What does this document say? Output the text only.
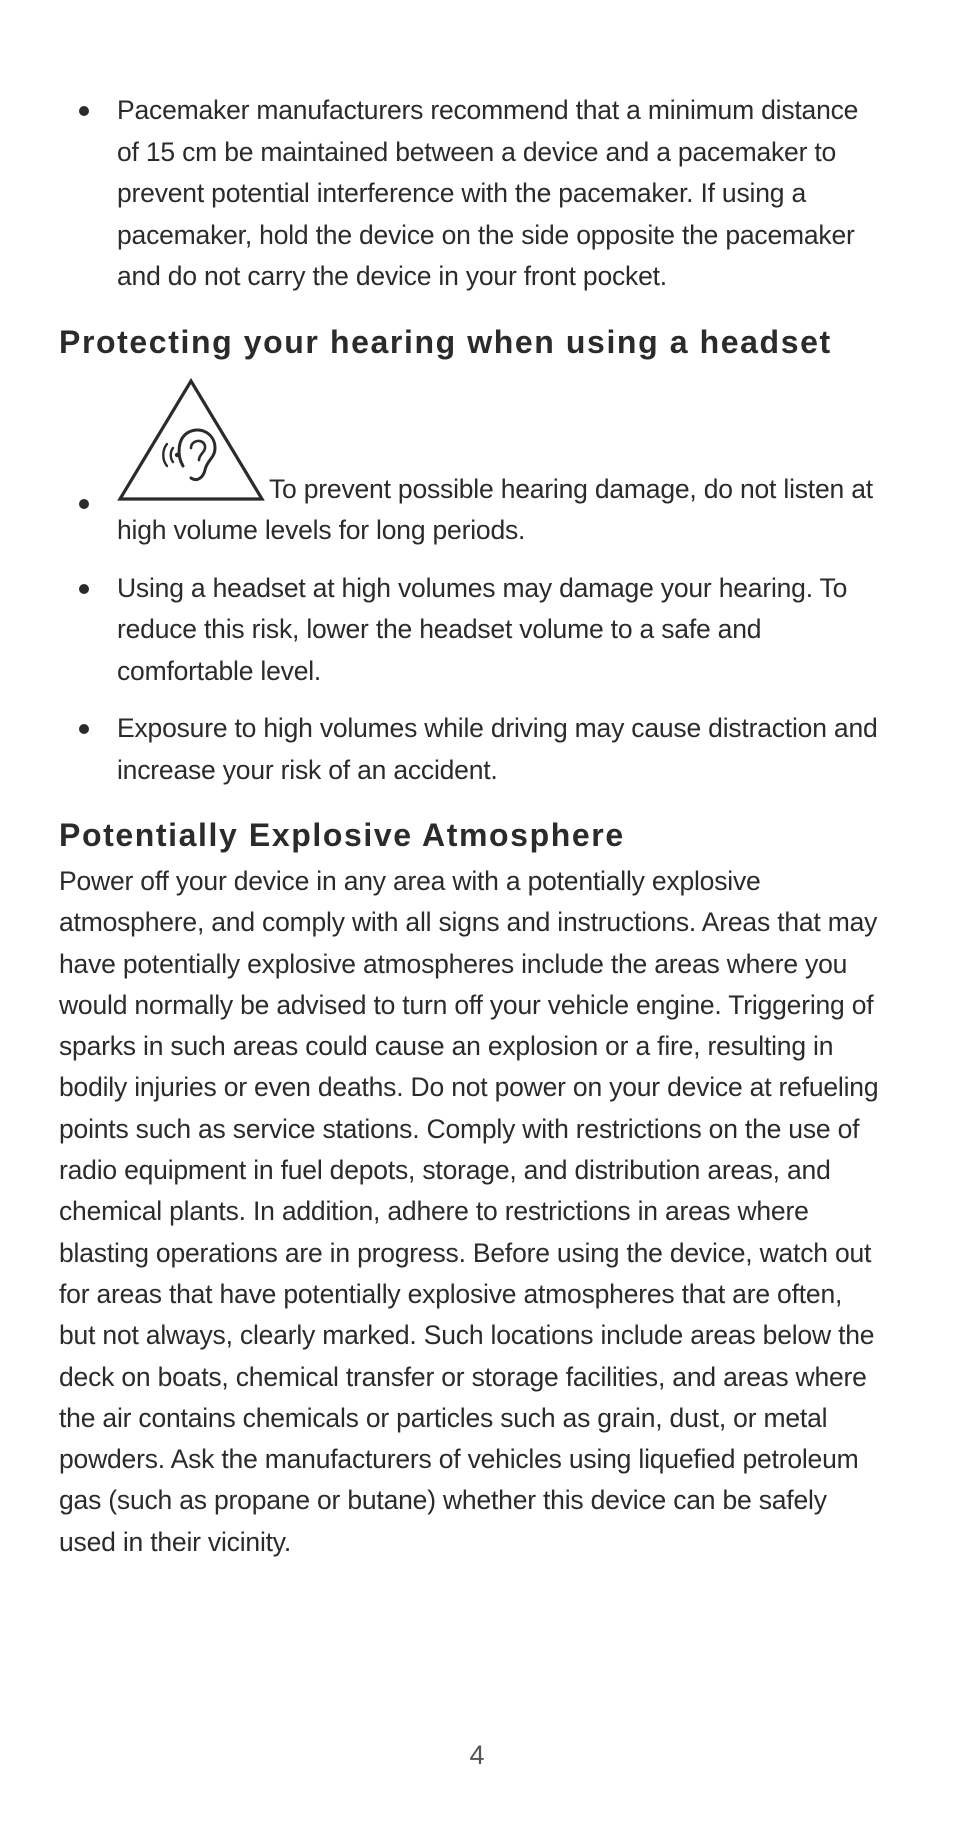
Pacemaker manufacturers recommend that a minimum distance of 15 cm be maintained between a device and a pacemaker to prevent potential interference with the pacemaker. If using a pacemaker, hold the device on the side opposite the pacemaker and do not carry the device in your front pocket.
Protecting your hearing when using a headset
To prevent possible hearing damage, do not listen at high volume levels for long periods.
Using a headset at high volumes may damage your hearing. To reduce this risk, lower the headset volume to a safe and comfortable level.
Exposure to high volumes while driving may cause distraction and increase your risk of an accident.
Potentially Explosive Atmosphere

Power off your device in any area with a potentially explosive atmosphere, and comply with all signs and instructions. Areas that may have potentially explosive atmospheres include the areas where you would normally be advised to turn off your vehicle engine. Triggering of sparks in such areas could cause an explosion or a fire, resulting in bodily injuries or even deaths. Do not power on your device at refueling points such as service stations. Comply with restrictions on the use of radio equipment in fuel depots, storage, and distribution areas, and chemical plants. In addition, adhere to restrictions in areas where blasting operations are in progress. Before using the device, watch out for areas that have potentially explosive atmospheres that are often, but not always, clearly marked. Such locations include areas below the deck on boats, chemical transfer or storage facilities, and areas where the air contains chemicals or particles such as grain, dust, or metal powders. Ask the manufacturers of vehicles using liquefied petroleum gas (such as propane or butane) whether this device can be safely used in their vicinity.

4
